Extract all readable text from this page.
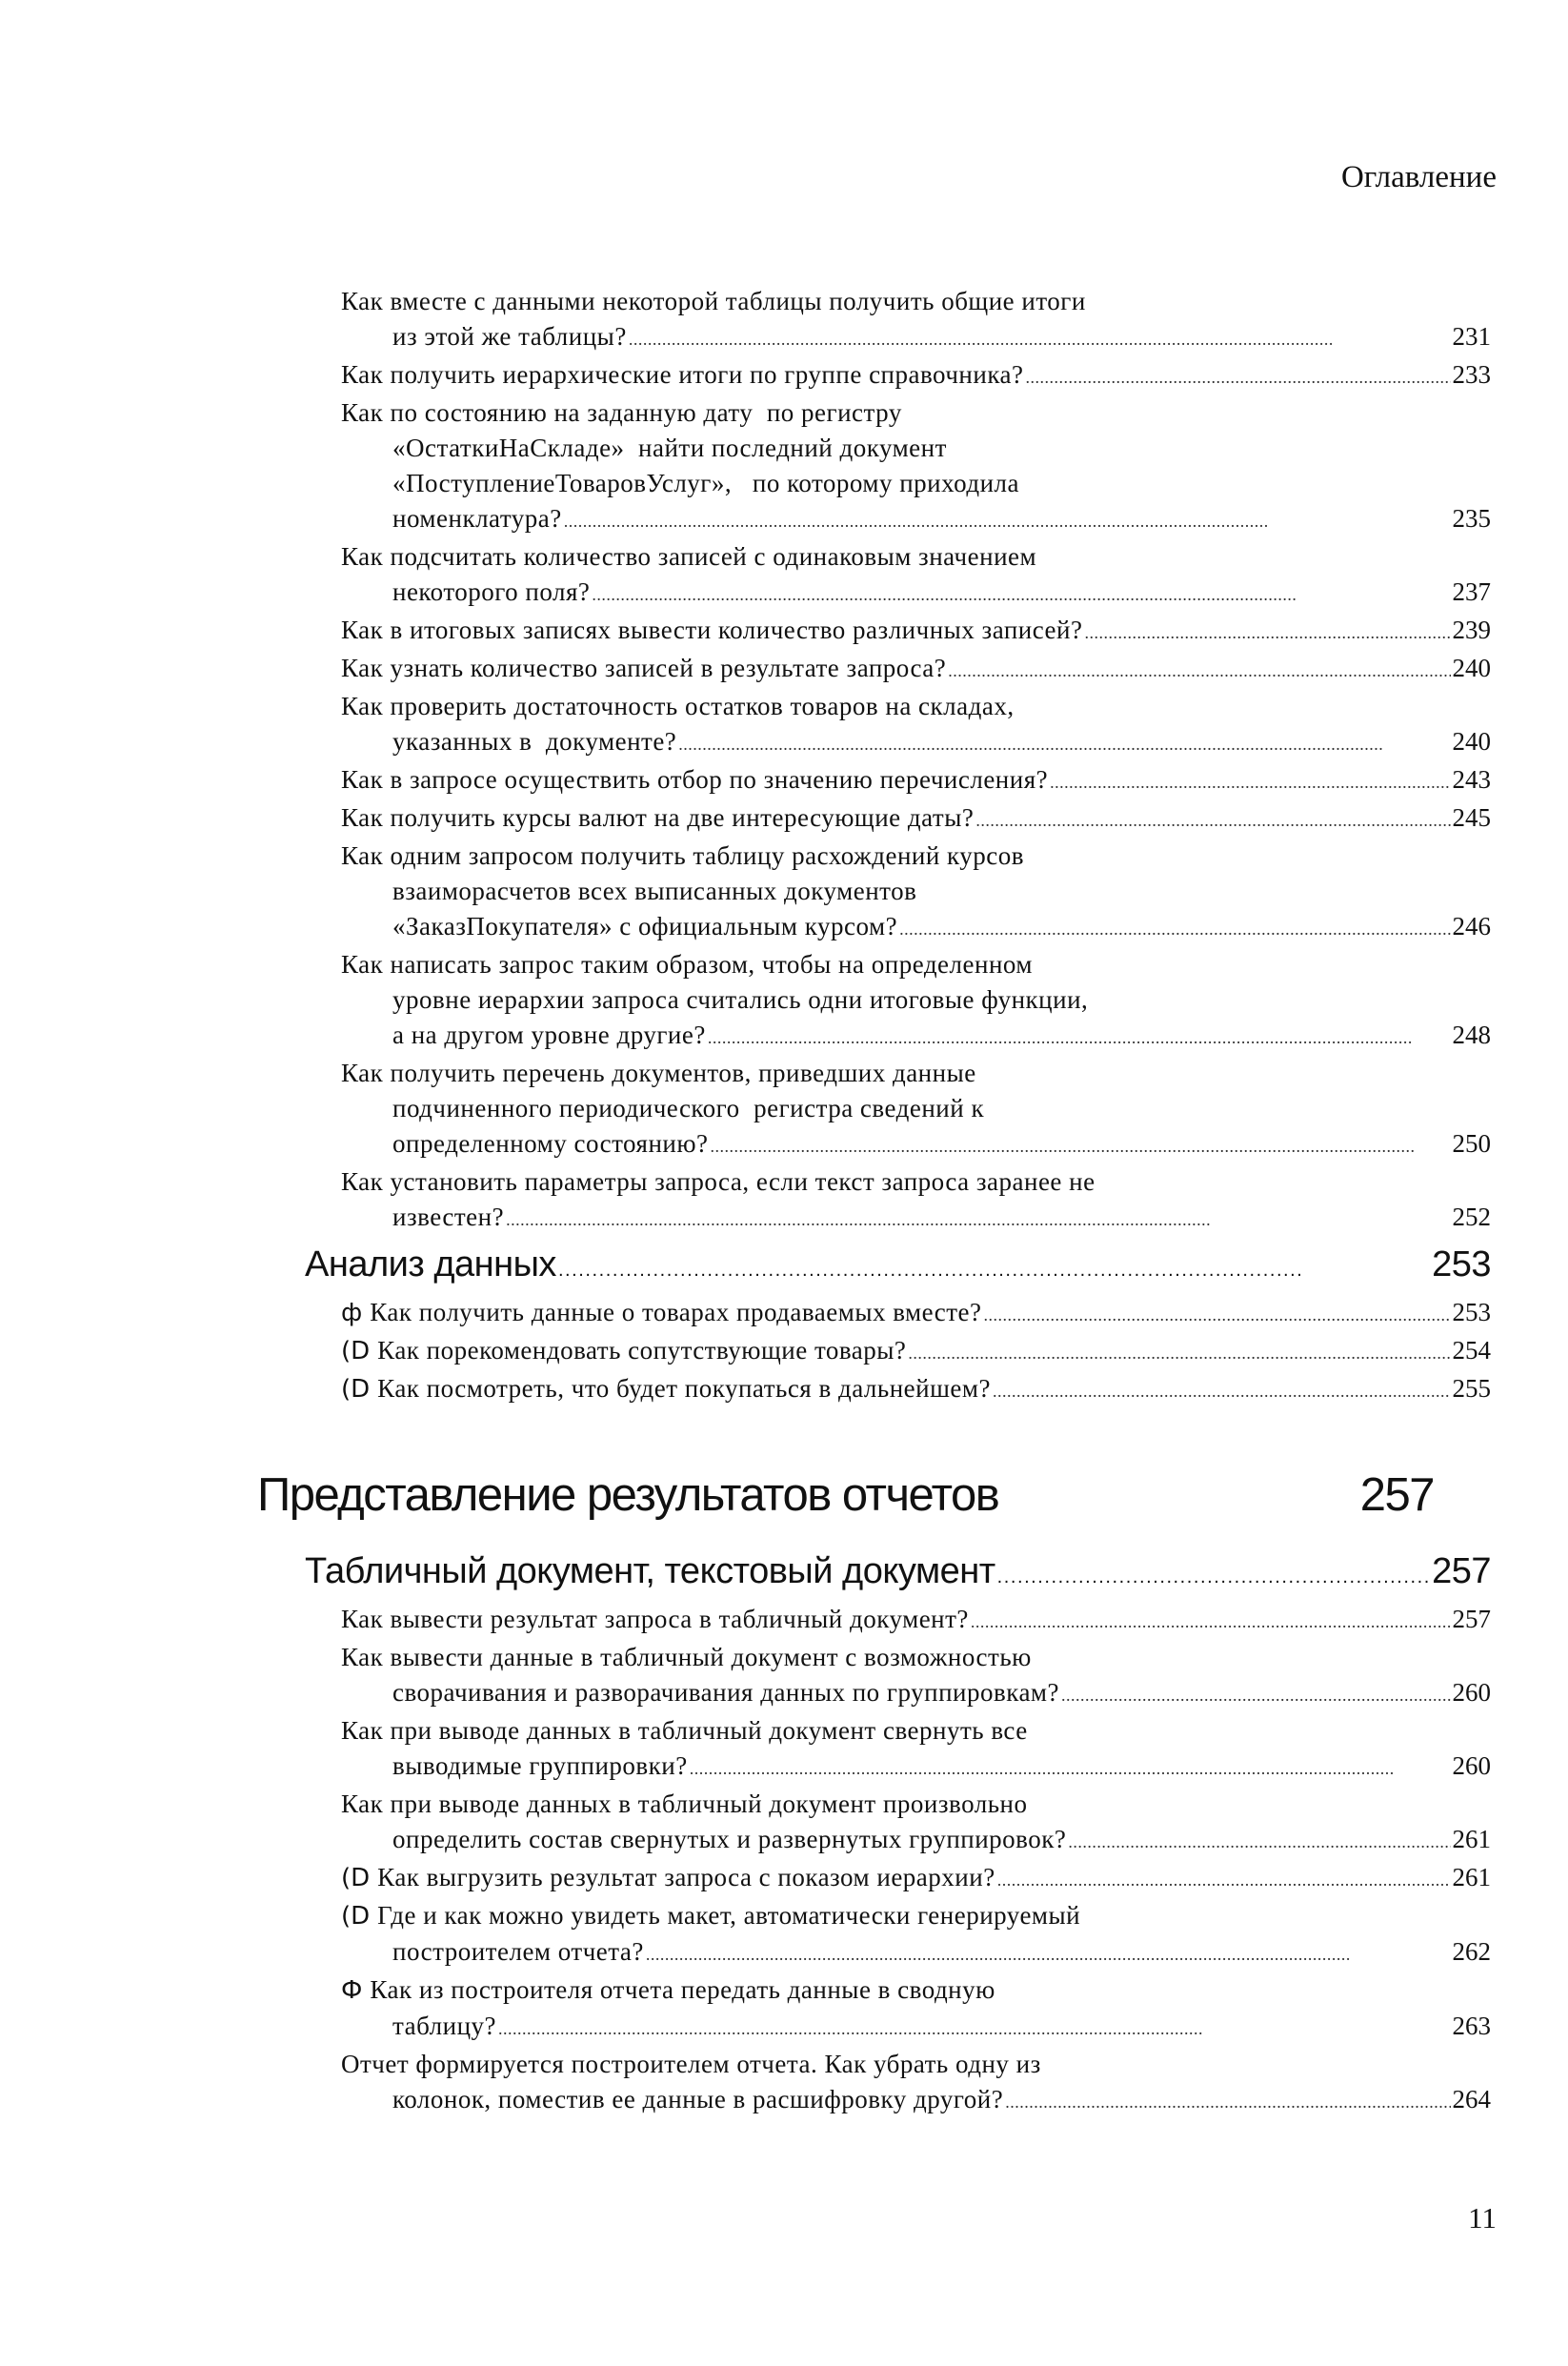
Оглавление
Как вместе с данными некоторой таблицы получить общие итоги
из этой же таблицы? . . .	231
Как получить иерархические итоги по группе справочника? . . .	233
Как по состоянию на заданную дату  по регистру
«ОстаткиНаСкладе»  найти последний документ
«ПоступлениеТоваровУслуг»,   по которому приходила
номенклатура? . . .	235
Как подсчитать количество записей с одинаковым значением
некоторого поля? . . .	237
Как в итоговых записях вывести количество различных записей? . . .	239
Как узнать количество записей в результате запроса? . . .	240
Как проверить достаточность остатков товаров на складах,
указанных в  документе? . . .	240
Как в запросе осуществить отбор по значению перечисления? . . .	243
Как получить курсы валют на две интересующие даты? . . .	245
Как одним запросом получить таблицу расхождений курсов
взаиморасчетов всех выписанных документов
«ЗаказПокупателя» с официальным курсом? . . .	246
Как написать запрос таким образом, чтобы на определенном
уровне иерархии запроса считались одни итоговые функции,
а на другом уровне другие? . . .	248
Как получить перечень документов, приведших данные
подчиненного периодического  регистра сведений к
определенному состоянию? . . .	250
Как установить параметры запроса, если текст запроса заранее не
известен? . . .	252
Анализ данных . . .	253
ф Как получить данные о товарах продаваемых вместе? . . .	253
(D Как порекомендовать сопутствующие товары? . . .	254
(D Как посмотреть, что будет покупаться в дальнейшем? . . .	255
Представление результатов отчетов	257
Табличный документ, текстовый документ . . .	257
Как вывести результат запроса в табличный документ? . . .	257
Как вывести данные в табличный документ с возможностью
сворачивания и разворачивания данных по группировкам? . . .	260
Как при выводе данных в табличный документ свернуть все
выводимые группировки? . . .	260
Как при выводе данных в табличный документ произвольно
определить состав свернутых и развернутых группировок? . . .	261
(D Как выгрузить результат запроса с показом иерархии? . . .	261
(D Где и как можно увидеть макет, автоматически генерируемый
построителем отчета? . . .	262
Ф Как из построителя отчета передать данные в сводную
таблицу? . . .	263
Отчет формируется построителем отчета. Как убрать одну из
колонок, поместив ее данные в расшифровку другой? . . .	264
11
